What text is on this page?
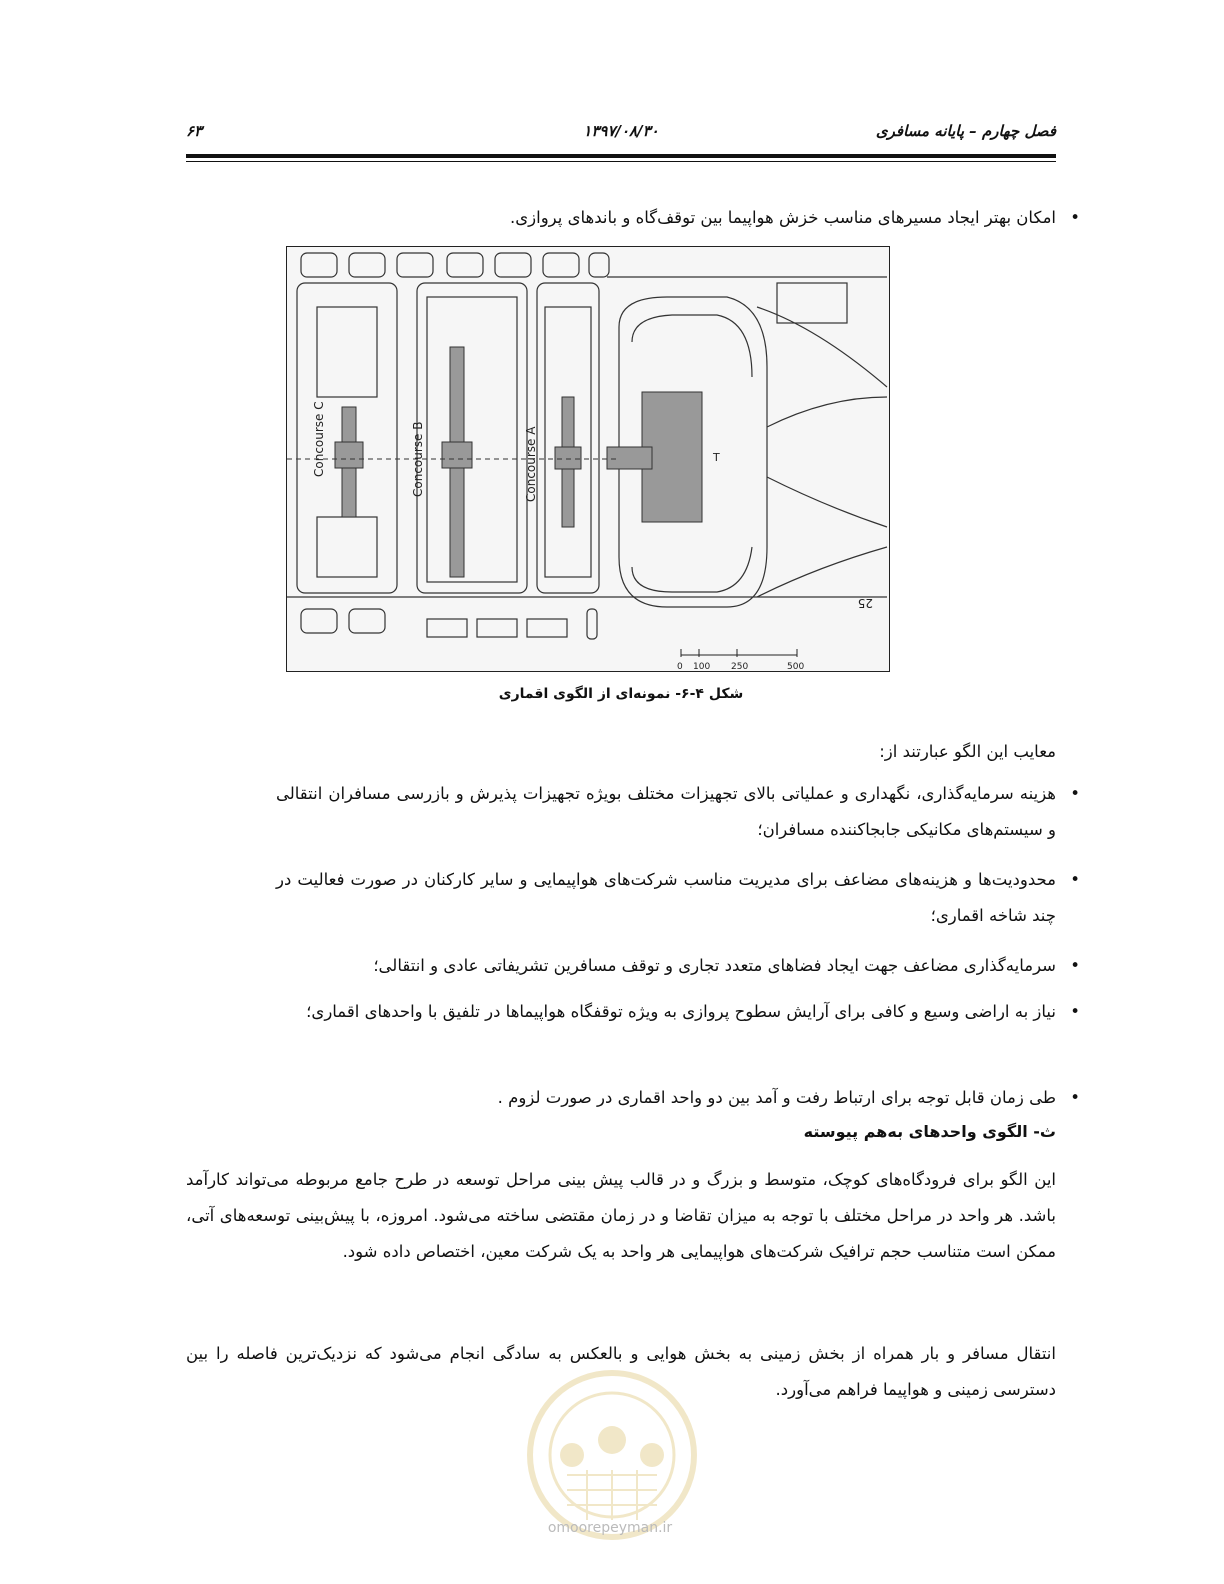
فصل چهارم – پایانه مسافری
۱۳۹۷/۰۸/۳۰
۶۳
• امکان بهتر ایجاد مسیرهای مناسب خزش هواپیما بین توقف‌گاه و باندهای پروازی.
Concourse C	Concourse B	Concourse A	T
25
0 100 250	500
شکل ۴-۶- نمونه‌ای از الگوی اقماری
معایب این الگو عبارتند از:
• هزینه سرمایه‌گذاری، نگهداری و عملیاتی بالای تجهیزات مختلف بویژه تجهیزات پذیرش و بازرسی مسافران انتقالی و سیستم‌های مکانیکی جابجاکننده مسافران؛
• محدودیت‌ها و هزینه‌های مضاعف برای مدیریت مناسب شرکت‌های هواپیمایی و سایر کارکنان در صورت فعالیت در چند شاخه اقماری؛
• سرمایه‌گذاری مضاعف جهت ایجاد فضاهای متعدد تجاری و توقف مسافرین تشریفاتی عادی و انتقالی؛
• نیاز به اراضی وسیع و کافی برای آرایش سطوح پروازی به ویژه توقفگاه هواپیماها در تلفیق با واحدهای اقماری؛
• طی زمان قابل توجه برای ارتباط رفت و آمد بین دو واحد اقماری در صورت لزوم .
ث- الگوی واحدهای به‌هم پیوسته
این الگو برای فرودگاه‌های کوچک، متوسط و بزرگ و در قالب پیش بینی مراحل توسعه در طرح جامع مربوطه می‌تواند کارآمد باشد. هر واحد در مراحل مختلف با توجه به میزان تقاضا و در زمان مقتضی ساخته می‌شود. امروزه، با پیش‌بینی توسعه‌های آتی، ممکن است متناسب حجم ترافیک شرکت‌های هواپیمایی هر واحد به یک شرکت معین، اختصاص داده شود.
انتقال مسافر و بار همراه از بخش زمینی به بخش هوایی و بالعکس به سادگی انجام می‌شود که نزدیک‌ترین فاصله را بین دسترسی زمینی و هواپیما فراهم می‌آورد.
omoorepeyman.ir
